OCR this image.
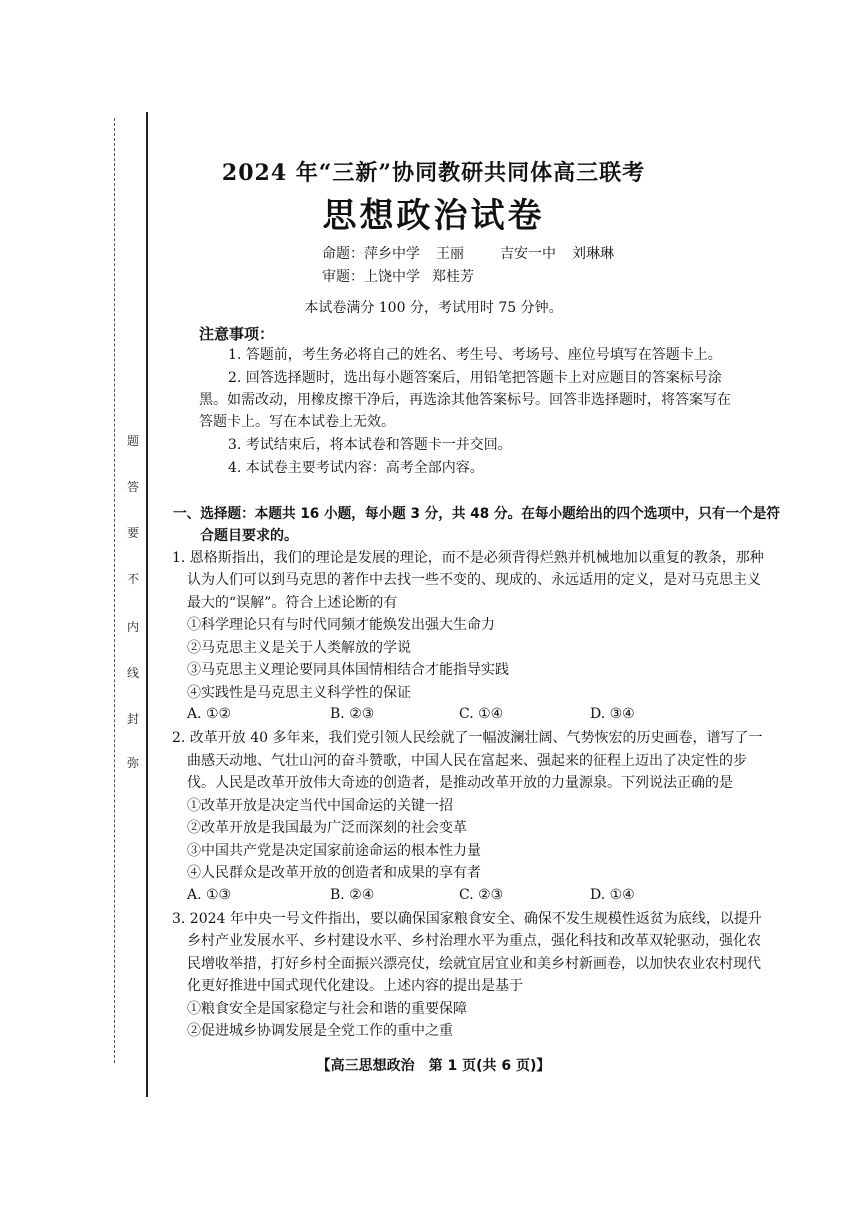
题
答
要
不
内
线
封
弥
2024 年“三新”协同教研共同体高三联考
思想政治试卷
命题：萍乡中学 王丽	吉安一中 刘琳琳
审题：上饶中学 郑桂芳
本试卷满分 100 分，考试用时 75 分钟。
注意事项：
1. 答题前，考生务必将自己的姓名、考生号、考场号、座位号填写在答题卡上。
2. 回答选择题时，选出每小题答案后，用铅笔把答题卡上对应题目的答案标号涂
黑。如需改动，用橡皮擦干净后，再选涂其他答案标号。回答非选择题时，将答案写在
答题卡上。写在本试卷上无效。
3. 考试结束后，将本试卷和答题卡一并交回。
4. 本试卷主要考试内容：高考全部内容。
一、选择题：本题共 16 小题，每小题 3 分，共 48 分。在每小题给出的四个选项中，只有一个是符
合题目要求的。
1. 恩格斯指出，我们的理论是发展的理论，而不是必须背得烂熟并机械地加以重复的教条，那种
认为人们可以到马克思的著作中去找一些不变的、现成的、永远适用的定义，是对马克思主义
最大的“误解”。符合上述论断的有
①科学理论只有与时代同频才能焕发出强大生命力
②马克思主义是关于人类解放的学说
③马克思主义理论要同具体国情相结合才能指导实践
④实践性是马克思主义科学性的保证
A. ①②	B. ②③	C. ①④	D. ③④
2. 改革开放 40 多年来，我们党引领人民绘就了一幅波澜壮阔、气势恢宏的历史画卷，谱写了一
曲感天动地、气壮山河的奋斗赞歌，中国人民在富起来、强起来的征程上迈出了决定性的步
伐。人民是改革开放伟大奇迹的创造者，是推动改革开放的力量源泉。下列说法正确的是
①改革开放是决定当代中国命运的关键一招
②改革开放是我国最为广泛而深刻的社会变革
③中国共产党是决定国家前途命运的根本性力量
④人民群众是改革开放的创造者和成果的享有者
A. ①③	B. ②④	C. ②③	D. ①④
3. 2024 年中央一号文件指出，要以确保国家粮食安全、确保不发生规模性返贫为底线，以提升
乡村产业发展水平、乡村建设水平、乡村治理水平为重点，强化科技和改革双轮驱动，强化农
民增收举措，打好乡村全面振兴漂亮仗，绘就宜居宜业和美乡村新画卷，以加快农业农村现代
化更好推进中国式现代化建设。上述内容的提出是基于
①粮食安全是国家稳定与社会和谐的重要保障
②促进城乡协调发展是全党工作的重中之重
【高三思想政治　第 1 页(共 6 页)】
